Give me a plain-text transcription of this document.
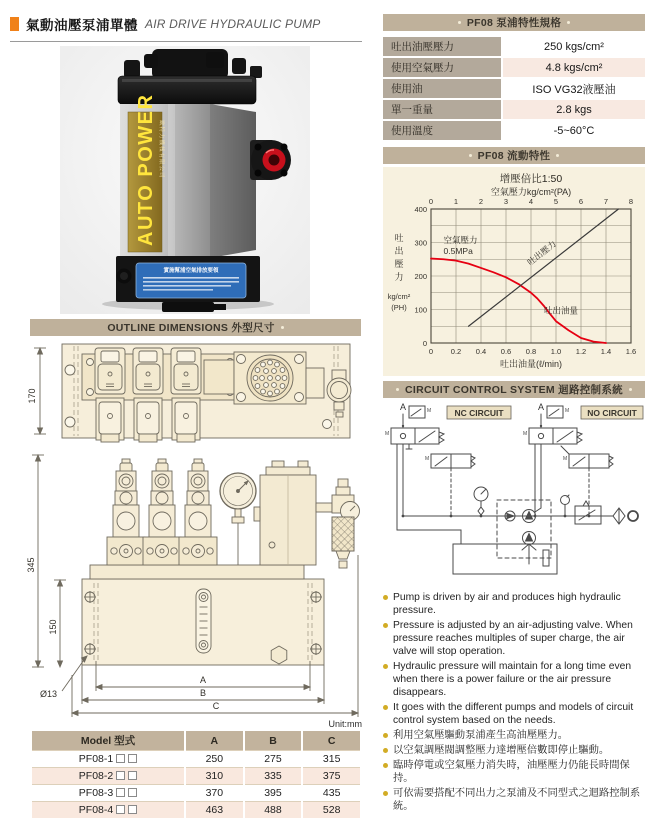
氣動油壓泵浦單體 AIR DRIVE HYDRAULIC PUMP
AUTO POWER 歐特力機械有限公司
實施幫浦空氣排放要領
PF08 泵浦特性規格
吐出油壓壓力	250 kgs/cm²
使用空氣壓力	4.8 kgs/cm²
使用油	ISO VG32液壓油
單一重量	2.8 kgs
使用溫度	-5~60°C
PF08 流動特性
增壓倍比1:50
0 0.2 0.4 0.6 0.8 1.0 1.2 1.4 1.6
0	1	2	3	4	5	6	7	8
0
100
200
300
400
空氣壓力kg/cm²(PA)
吐出油量(ℓ/min)
吐
出
壓
力
kg/cm²
(PH)	吐出油量
吐出壓力
空氣壓力
0.5MPa
CIRCUIT CONTROL SYSTEM 迴路控制系統
M
M
M
M
M
M
A	A
NC CIRCUIT	NO CIRCUIT
Pump is driven by air and produces high hydraulic pressure.
Pressure is adjusted by an air-adjusting valve. When pressure reaches multiples of super charge, the air valve will stop operation.
Hydraulic pressure will maintain for a long time even when there is a power failure or the air pressure disappears.
It goes with the different pumps and models of circuit control system based on the needs.
利用空氣壓驅動泵浦產生高油壓壓力。
以空氣調壓閥調整壓力達增壓倍數即停止驅動。
臨時停電或空氣壓力消失時，油壓壓力仍能長時間保持。
可依需要搭配不同出力之泵浦及不同型式之迴路控制系統。
OUTLINE DIMENSIONS 外型尺寸
170
345
150
Ø13
A
B
C
Unit:mm
Model 型式	A	B	C
PF08-1	250	275	315
PF08-2	310	335	375
PF08-3	370	395	435
PF08-4	463	488	528
